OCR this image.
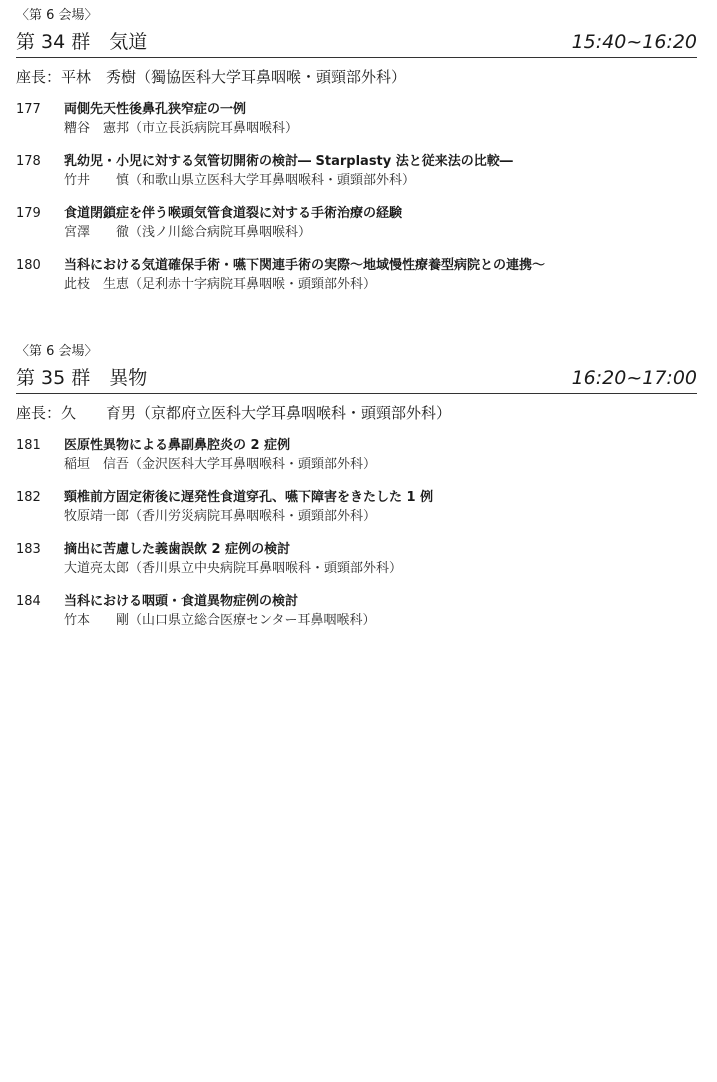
〈第 6 会場〉
第 34 群　気道	15:40~16:20
座長：平林　秀樹（獨協医科大学耳鼻咽喉・頭頸部外科）
177 両側先天性後鼻孔狭窄症の一例
糟谷　憲邦（市立長浜病院耳鼻咽喉科）
178 乳幼児・小児に対する気管切開術の検討― Starplasty 法と従来法の比較―
竹井　　慎（和歌山県立医科大学耳鼻咽喉科・頭頸部外科）
179 食道閉鎖症を伴う喉頭気管食道裂に対する手術治療の経験
宮澤　　徹（浅ノ川総合病院耳鼻咽喉科）
180 当科における気道確保手術・嚥下関連手術の実際～地域慢性療養型病院との連携～
此枝　生恵（足利赤十字病院耳鼻咽喉・頭頸部外科）
〈第 6 会場〉
第 35 群　異物	16:20~17:00
座長：久　　育男（京都府立医科大学耳鼻咽喉科・頭頸部外科）
181 医原性異物による鼻副鼻腔炎の 2 症例
稲垣　信吾（金沢医科大学耳鼻咽喉科・頭頸部外科）
182 頸椎前方固定術後に遅発性食道穿孔、嚥下障害をきたした 1 例
牧原靖一郎（香川労災病院耳鼻咽喉科・頭頸部外科）
183 摘出に苦慮した義歯誤飲 2 症例の検討
大道亮太郎（香川県立中央病院耳鼻咽喉科・頭頸部外科）
184 当科における咽頭・食道異物症例の検討
竹本　　剛（山口県立総合医療センター耳鼻咽喉科）
